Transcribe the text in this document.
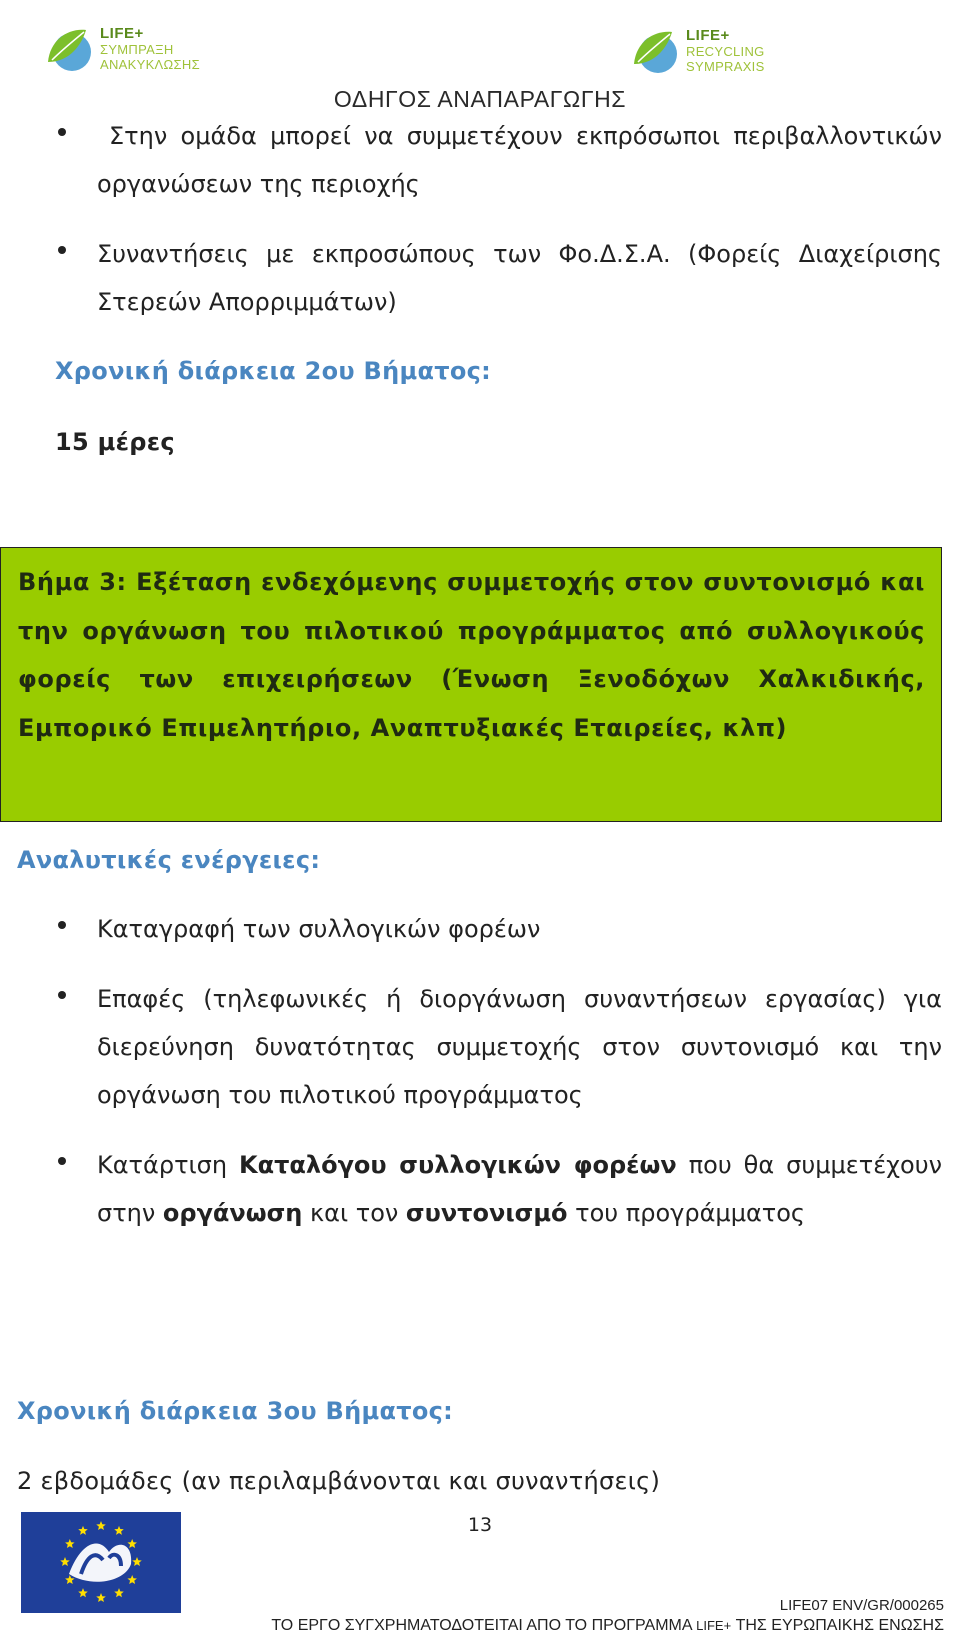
LIFE+
ΣΥΜΠΡΑΞΗ
ΑΝΑΚΥΚΛΩΣΗΣ
LIFE+
RECYCLING
SYMPRAXIS
ΟΔΗΓΟΣ ΑΝΑΠΑΡΑΓΩΓΗΣ

Στην ομάδα μπορεί να συμμετέχουν εκπρόσωποι περιβαλλοντικών οργανώσεων της περιοχής

Συναντήσεις με εκπροσώπους των Φο.Δ.Σ.Α. (Φορείς Διαχείρισης Στερεών Απορριμμάτων)

Χρονική διάρκεια 2ου Βήματος:
15 μέρες

Βήμα 3: Εξέταση ενδεχόμενης συμμετοχής στον συντονισμό και την οργάνωση του πιλοτικού προγράμματος από συλλογικούς φορείς των επιχειρήσεων (Ένωση Ξενοδόχων Χαλκιδικής, Εμπορικό Επιμελητήριο, Αναπτυξιακές Εταιρείες, κλπ)

Αναλυτικές ενέργειες:

Καταγραφή των συλλογικών φορέων

Επαφές (τηλεφωνικές ή διοργάνωση συναντήσεων εργασίας) για διερεύνηση δυνατότητας συμμετοχής στον συντονισμό και την οργάνωση του πιλοτικού προγράμματος

Κατάρτιση Καταλόγου συλλογικών φορέων που θα συμμετέχουν στην οργάνωση και τον συντονισμό του προγράμματος

Χρονική διάρκεια 3ου Βήματος:
2 εβδομάδες (αν περιλαμβάνονται και συναντήσεις)
13
LIFE07 ENV/GR/000265
ΤΟ ΕΡΓΟ ΣΥΓΧΡΗΜΑΤΟΔΟΤΕΙΤΑΙ ΑΠΟ ΤΟ ΠΡΟΓΡΑΜΜΑ LIFE+ ΤΗΣ ΕΥΡΩΠΑΙΚΗΣ ΕΝΩΣΗΣ
